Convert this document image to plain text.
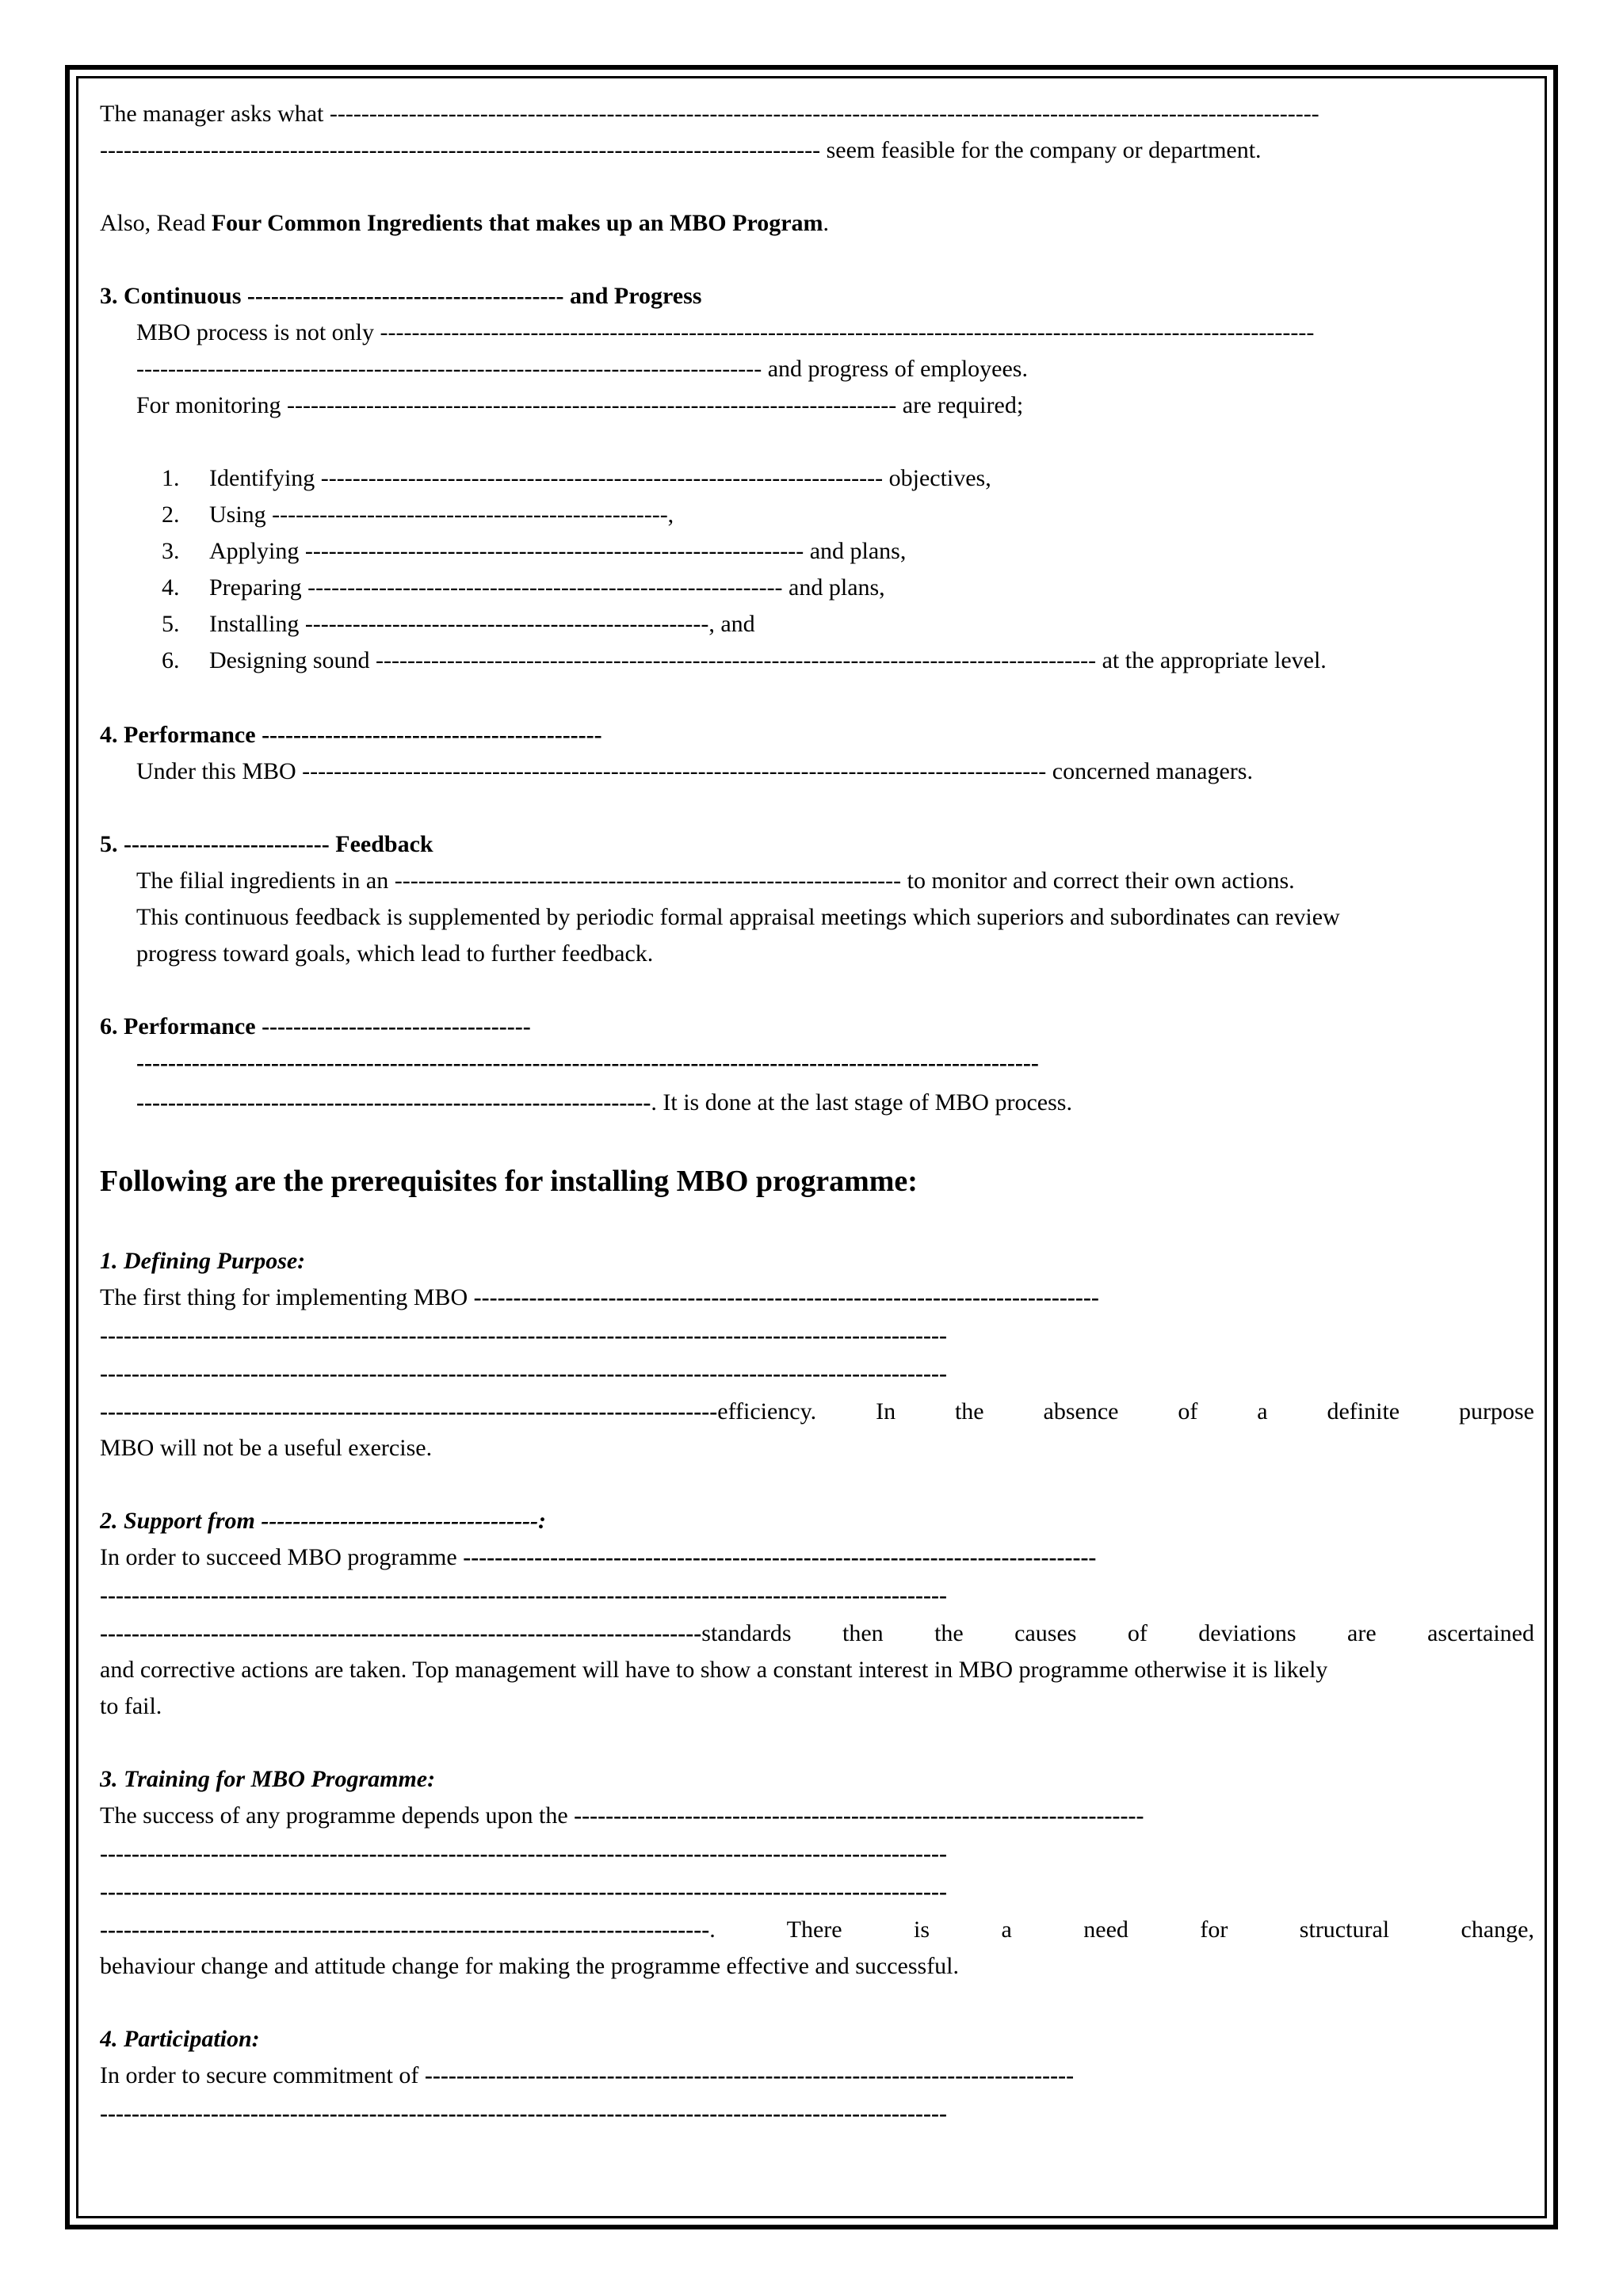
The manager asks what -----------------------------------------------------------------------------------------------------------------------------
------------------------------------------------------------------------------------------- seem feasible for the company or department.
Also, Read Four Common Ingredients that makes up an MBO Program.
3. Continuous ---------------------------------------- and Progress
MBO process is not only ----------------------------------------------------------------------------------------------------------------------
------------------------------------------------------------------------------- and progress of employees.
For monitoring ----------------------------------------------------------------------------- are required;
1. Identifying ----------------------------------------------------------------------- objectives,
2. Using --------------------------------------------------,
3. Applying --------------------------------------------------------------- and plans,
4. Preparing ------------------------------------------------------------ and plans,
5. Installing ---------------------------------------------------, and
6. Designing sound ------------------------------------------------------------------------------------------- at the appropriate level.
4. Performance -------------------------------------------
Under this MBO ---------------------------------------------------------------------------------------------- concerned managers.
5. -------------------------- Feedback
The filial ingredients in an ---------------------------------------------------------------- to monitor and correct their own actions.
This continuous feedback is supplemented by periodic formal appraisal meetings which superiors and subordinates can review
progress toward goals, which lead to further feedback.
6. Performance ----------------------------------
------------------------------------------------------------------------------------------------------------------
-----------------------------------------------------------------. It is done at the last stage of MBO process.
Following are the prerequisites for installing MBO programme:
1. Defining Purpose:
The first thing for implementing MBO -------------------------------------------------------------------------------
-----------------------------------------------------------------------------------------------------------
-----------------------------------------------------------------------------------------------------------
------------------------------------------------------------------------------efficiency. In the absence of a definite purpose
MBO will not be a useful exercise.
2. Support from -----------------------------------:
In order to succeed MBO programme --------------------------------------------------------------------------------
-----------------------------------------------------------------------------------------------------------
----------------------------------------------------------------------------standards then the causes of deviations are ascertained
and corrective actions are taken. Top management will have to show a constant interest in MBO programme otherwise it is likely
to fail.
3. Training for MBO Programme:
The success of any programme depends upon the ------------------------------------------------------------------------
-----------------------------------------------------------------------------------------------------------
-----------------------------------------------------------------------------------------------------------
-----------------------------------------------------------------------------. There is a need for structural change,
behaviour change and attitude change for making the programme effective and successful.
4. Participation:
In order to secure commitment of ----------------------------------------------------------------------------------
-----------------------------------------------------------------------------------------------------------
